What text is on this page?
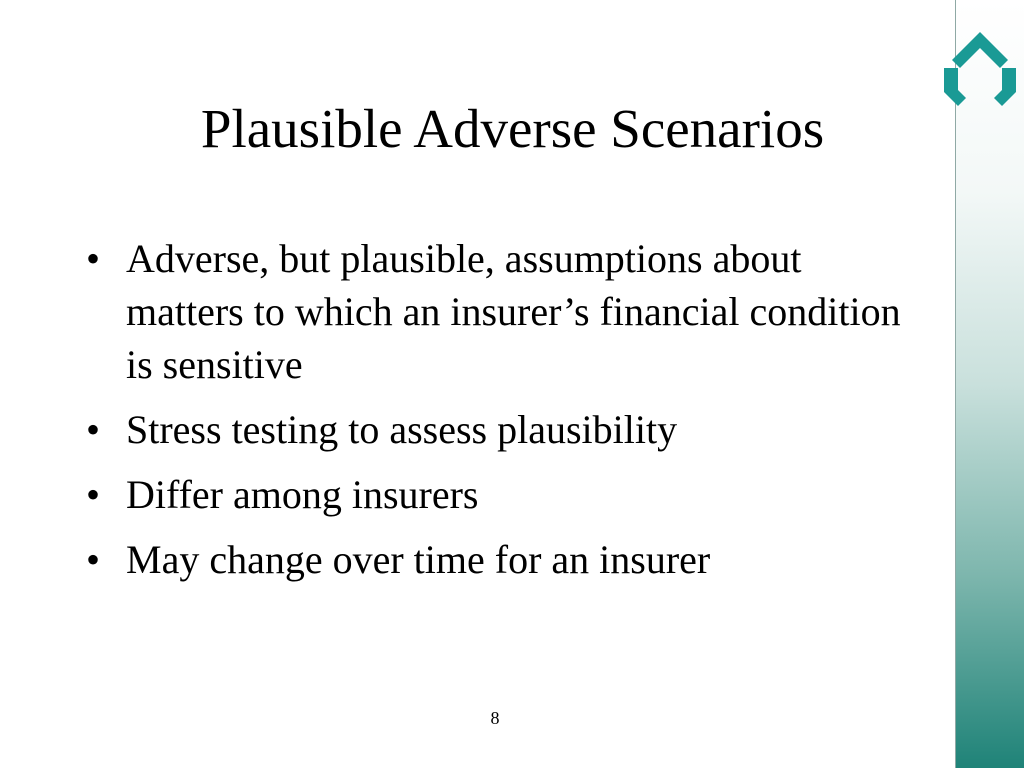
Plausible Adverse Scenarios
• Adverse, but plausible, assumptions about matters to which an insurer’s financial condition is sensitive
• Stress testing to assess plausibility
• Differ among insurers
• May change over time for an insurer
8
